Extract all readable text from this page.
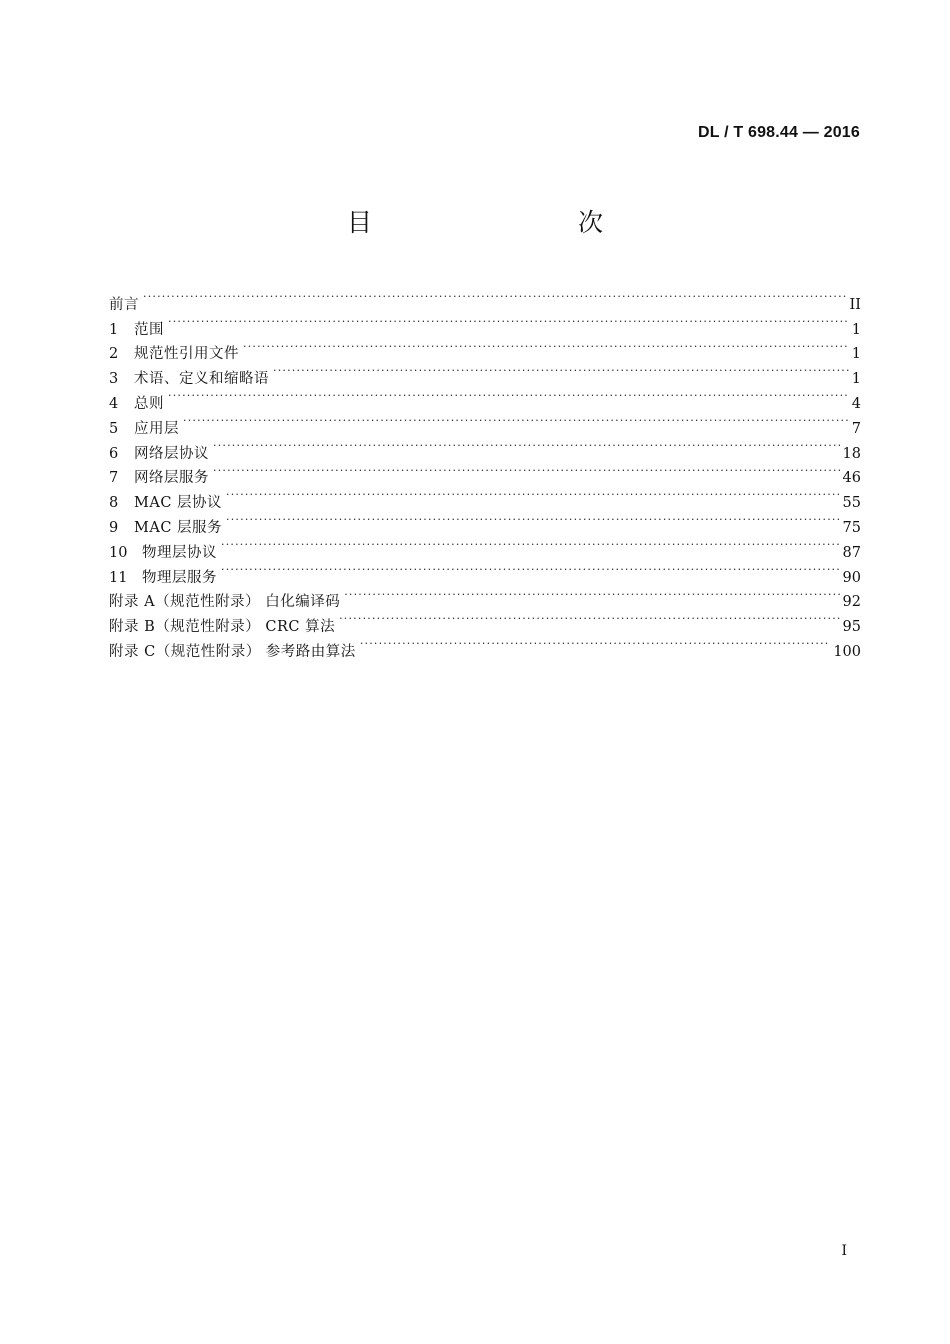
DL / T 698.44 — 2016
目　　次
前言 ·····	II
1	范围 ·····	1
2	规范性引用文件 ·····	1
3	术语、定义和缩略语 ·····	1
4	总则 ·····	4
5	应用层 ·····	7
6	网络层协议 ·····	18
7	网络层服务 ·····	46
8	MAC 层协议 ·····	55
9	MAC 层服务 ·····	75
10	物理层协议 ·····	87
11	物理层服务 ·····	90
附录 A（规范性附录） 白化编译码 ·····	92
附录 B（规范性附录） CRC 算法 ·····	95
附录 C（规范性附录） 参考路由算法 ·····	100
I
